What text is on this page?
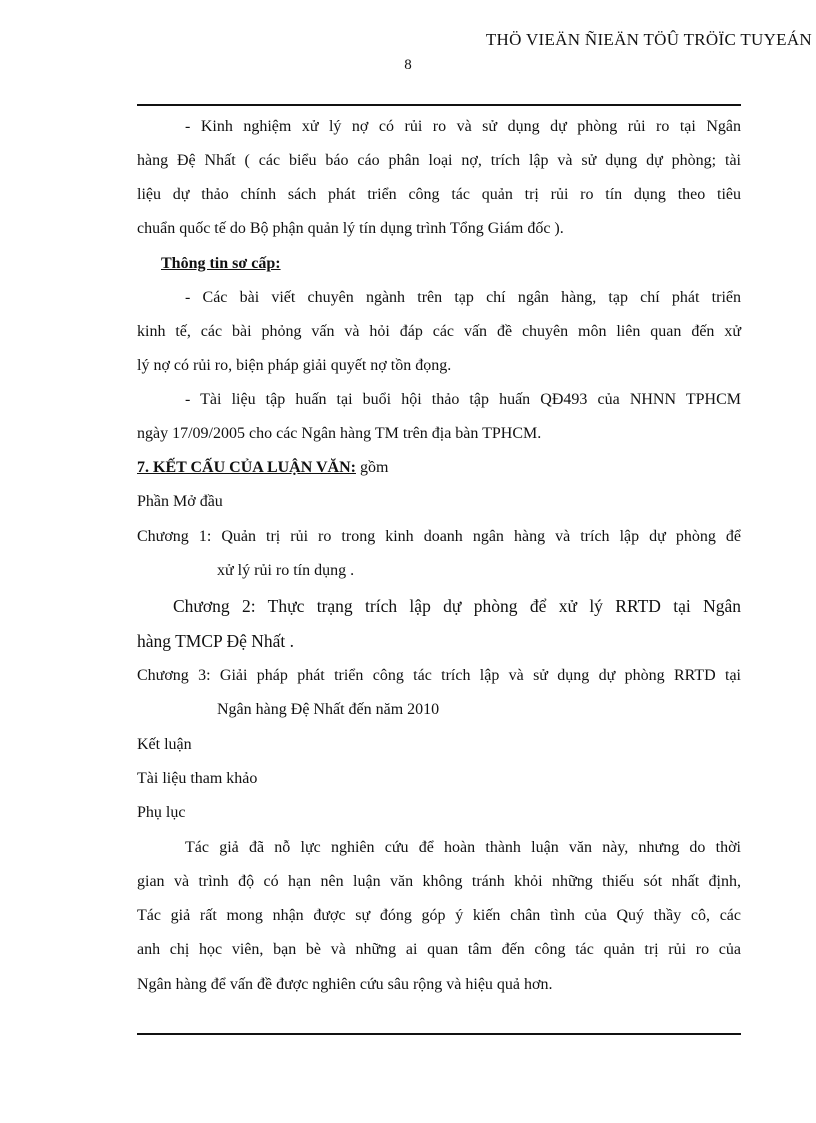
THÖ VIEÄN ÑIEÄN TÖÛ TRÖÏC TUYEÁN
8
- Kinh nghiệm xử lý nợ có rủi ro và sử dụng dự phòng rủi ro tại Ngân
hàng Đệ Nhất ( các biểu báo cáo phân loại nợ, trích lập và sử dụng dự phòng; tài
liệu dự thảo chính sách phát triển công tác quản trị rủi ro tín dụng theo tiêu
chuẩn quốc tế do Bộ phận quản lý tín dụng trình Tổng Giám đốc ).
Thông tin sơ cấp:
- Các bài viết chuyên ngành trên tạp chí ngân hàng, tạp chí phát triển
kinh tế, các bài phỏng vấn và hỏi đáp các vấn đề chuyên môn liên quan đến xử
lý nợ có rủi ro, biện pháp giải quyết nợ tồn đọng.
- Tài liệu tập huấn tại buổi hội thảo tập huấn QĐ493 của NHNN TPHCM
ngày 17/09/2005 cho các Ngân hàng TM trên địa bàn TPHCM.
7. KẾT CẤU CỦA LUẬN VĂN: gồm
Phần Mở đầu
Chương 1: Quản trị rủi ro trong kinh doanh ngân hàng và trích lập dự phòng để
xử lý rủi ro tín dụng .
Chương 2: Thực trạng trích lập dự phòng để xử lý RRTD tại Ngân
hàng TMCP Đệ Nhất .
Chương 3: Giải pháp phát triển công tác trích lập và sử dụng dự phòng RRTD tại
Ngân hàng Đệ Nhất đến năm 2010
Kết luận
Tài liệu tham khảo
Phụ lục
Tác giả đã nỗ lực nghiên cứu để hoàn thành luận văn này, nhưng do thời
gian và trình độ có hạn nên luận văn không tránh khỏi những thiếu sót nhất định,
Tác giả rất mong nhận được sự đóng góp ý kiến chân tình của Quý thầy cô, các
anh chị học viên, bạn bè và những ai quan tâm đến công tác quản trị rủi ro của
Ngân hàng để vấn đề được nghiên cứu sâu rộng và hiệu quả hơn.
